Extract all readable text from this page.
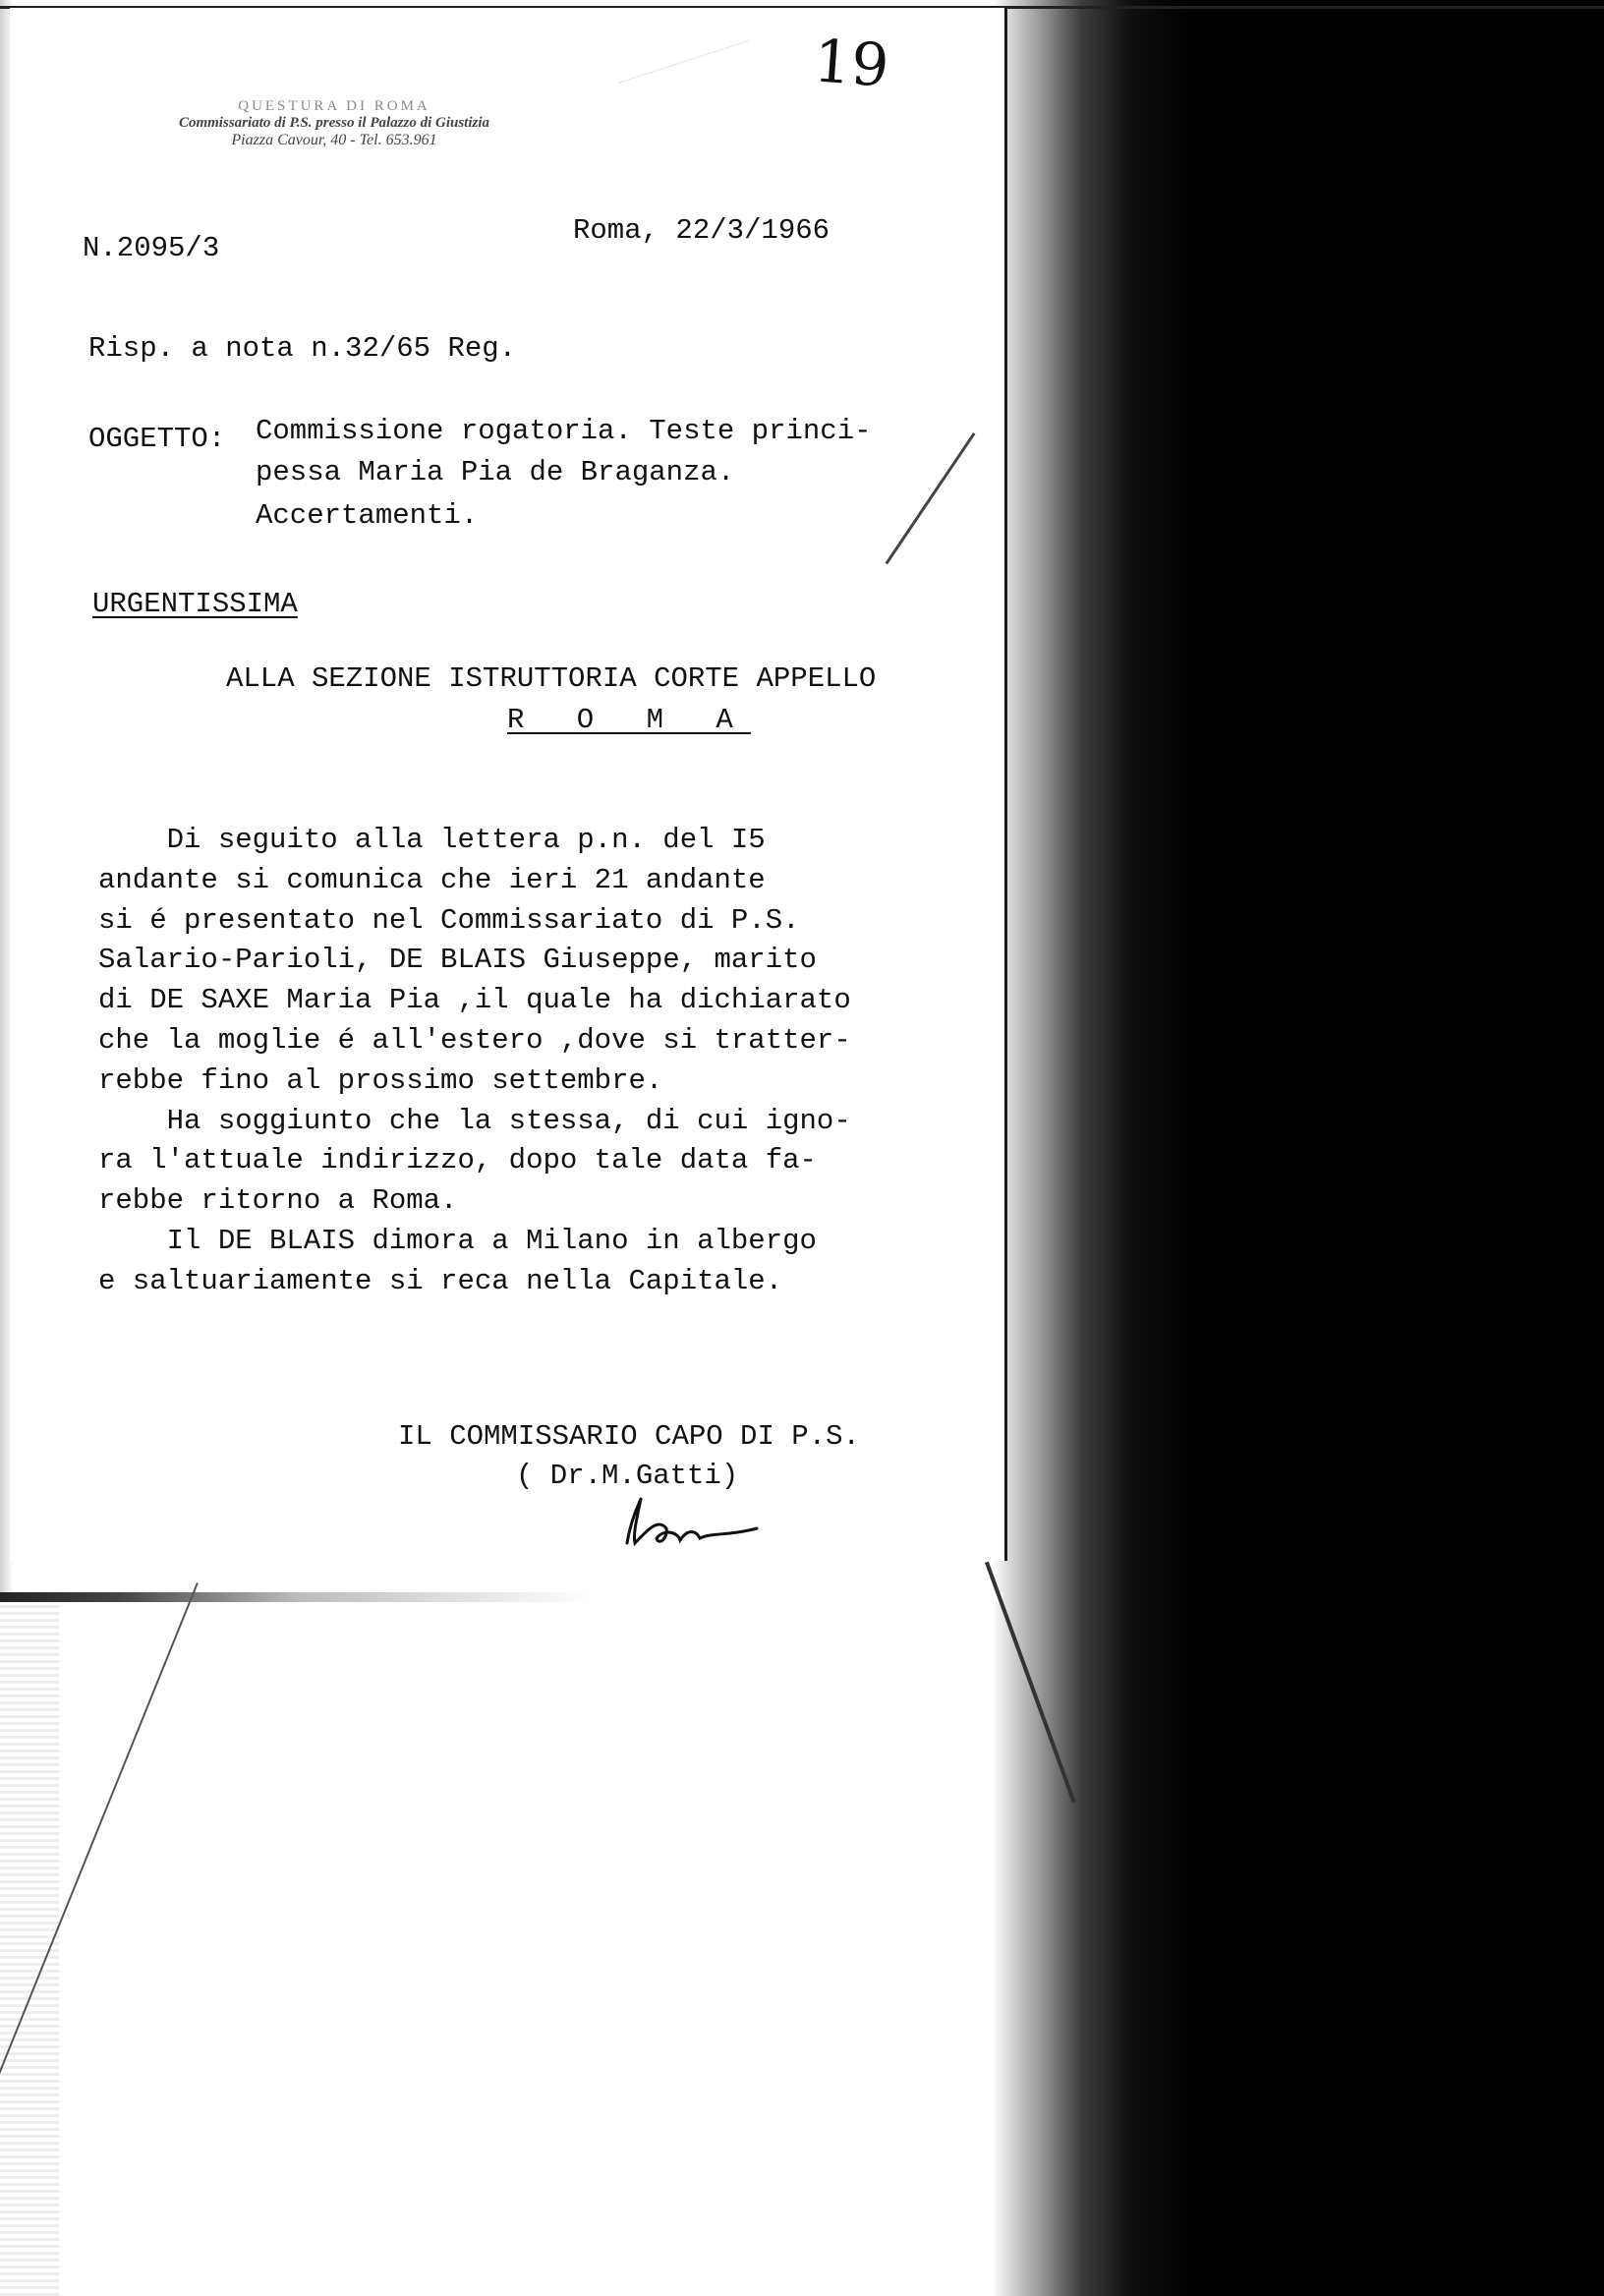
QUESTURA DI ROMA
Commissariato di P.S. presso il Palazzo di Giustizia
Piazza Cavour, 40 - Tel. 653.961
19
N.2095/3
Roma, 22/3/1966
Risp. a nota n.32/65 Reg.
OGGETTO: Commissione rogatoria. Teste princi-
pessa Maria Pia de Braganza.
Accertamenti.
URGENTISSIMA
ALLA SEZIONE ISTRUTTORIA CORTE APPELLO
R O M A
Di seguito alla lettera p.n. del I5
andante si comunica che ieri 21 andante
si é presentato nel Commissariato di P.S.
Salario-Parioli, DE BLAIS Giuseppe, marito
di DE SAXE Maria Pia ,il quale ha dichiarato
che la moglie é all'estero ,dove si tratter-
rebbe fino al prossimo settembre.
Ha soggiunto che la stessa, di cui igno-
ra l'attuale indirizzo, dopo tale data fa-
rebbe ritorno a Roma.
Il DE BLAIS dimora a Milano in albergo
e saltuariamente si reca nella Capitale.
IL COMMISSARIO CAPO DI P.S.
( Dr.M.Gatti)
